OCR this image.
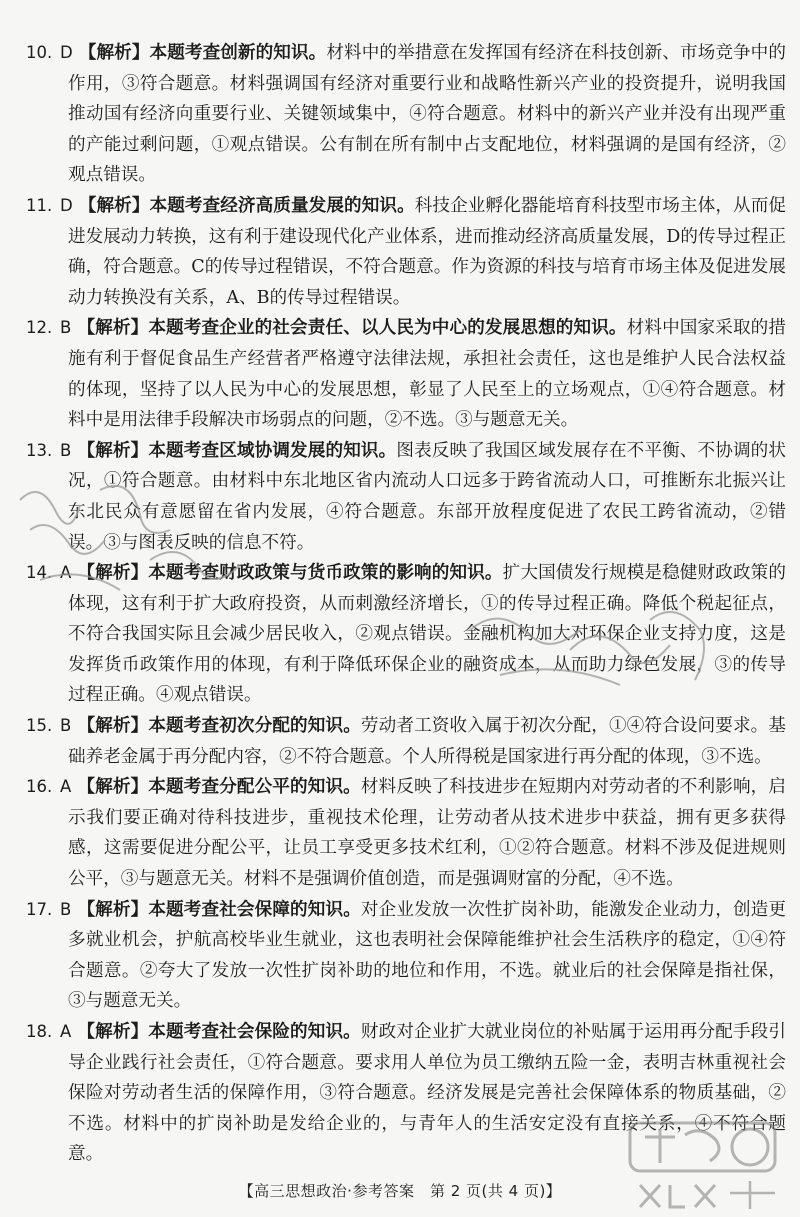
10. D 【解析】本题考查创新的知识。材料中的举措意在发挥国有经济在科技创新、市场竞争中的作用，③符合题意。材料强调国有经济对重要行业和战略性新兴产业的投资提升，说明我国推动国有经济向重要行业、关键领域集中，④符合题意。材料中的新兴产业并没有出现严重的产能过剩问题，①观点错误。公有制在所有制中占支配地位，材料强调的是国有经济，②观点错误。

11. D 【解析】本题考查经济高质量发展的知识。科技企业孵化器能培育科技型市场主体，从而促进发展动力转换，这有利于建设现代化产业体系，进而推动经济高质量发展，D的传导过程正确，符合题意。C的传导过程错误，不符合题意。作为资源的科技与培育市场主体及促进发展动力转换没有关系，A、B的传导过程错误。

12. B 【解析】本题考查企业的社会责任、以人民为中心的发展思想的知识。材料中国家采取的措施有利于督促食品生产经营者严格遵守法律法规，承担社会责任，这也是维护人民合法权益的体现，坚持了以人民为中心的发展思想，彰显了人民至上的立场观点，①④符合题意。材料中是用法律手段解决市场弱点的问题，②不选。③与题意无关。

13. B 【解析】本题考查区域协调发展的知识。图表反映了我国区域发展存在不平衡、不协调的状况，①符合题意。由材料中东北地区省内流动人口远多于跨省流动人口，可推断东北振兴让东北民众有意愿留在省内发展，④符合题意。东部开放程度促进了农民工跨省流动，②错误。③与图表反映的信息不符。

14. A 【解析】本题考查财政政策与货币政策的影响的知识。扩大国债发行规模是稳健财政政策的体现，这有利于扩大政府投资，从而刺激经济增长，①的传导过程正确。降低个税起征点，不符合我国实际且会减少居民收入，②观点错误。金融机构加大对环保企业支持力度，这是发挥货币政策作用的体现，有利于降低环保企业的融资成本，从而助力绿色发展，③的传导过程正确。④观点错误。

15. B 【解析】本题考查初次分配的知识。劳动者工资收入属于初次分配，①④符合设问要求。基础养老金属于再分配内容，②不符合题意。个人所得税是国家进行再分配的体现，③不选。

16. A 【解析】本题考查分配公平的知识。材料反映了科技进步在短期内对劳动者的不利影响，启示我们要正确对待科技进步，重视技术伦理，让劳动者从技术进步中获益，拥有更多获得感，这需要促进分配公平，让员工享受更多技术红利，①②符合题意。材料不涉及促进规则公平，③与题意无关。材料不是强调价值创造，而是强调财富的分配，④不选。

17. B 【解析】本题考查社会保障的知识。对企业发放一次性扩岗补助，能激发企业动力，创造更多就业机会，护航高校毕业生就业，这也表明社会保障能维护社会生活秩序的稳定，①④符合题意。②夸大了发放一次性扩岗补助的地位和作用，不选。就业后的社会保障是指社保，③与题意无关。

18. A 【解析】本题考查社会保险的知识。财政对企业扩大就业岗位的补贴属于运用再分配手段引导企业践行社会责任，①符合题意。要求用人单位为员工缴纳五险一金，表明吉林重视社会保险对劳动者生活的保障作用，③符合题意。经济发展是完善社会保障体系的物质基础，②不选。材料中的扩岗补助是发给企业的，与青年人的生活安定没有直接关系，④不符合题意。

【高三思想政治·参考答案　第 2 页(共 4 页)】
